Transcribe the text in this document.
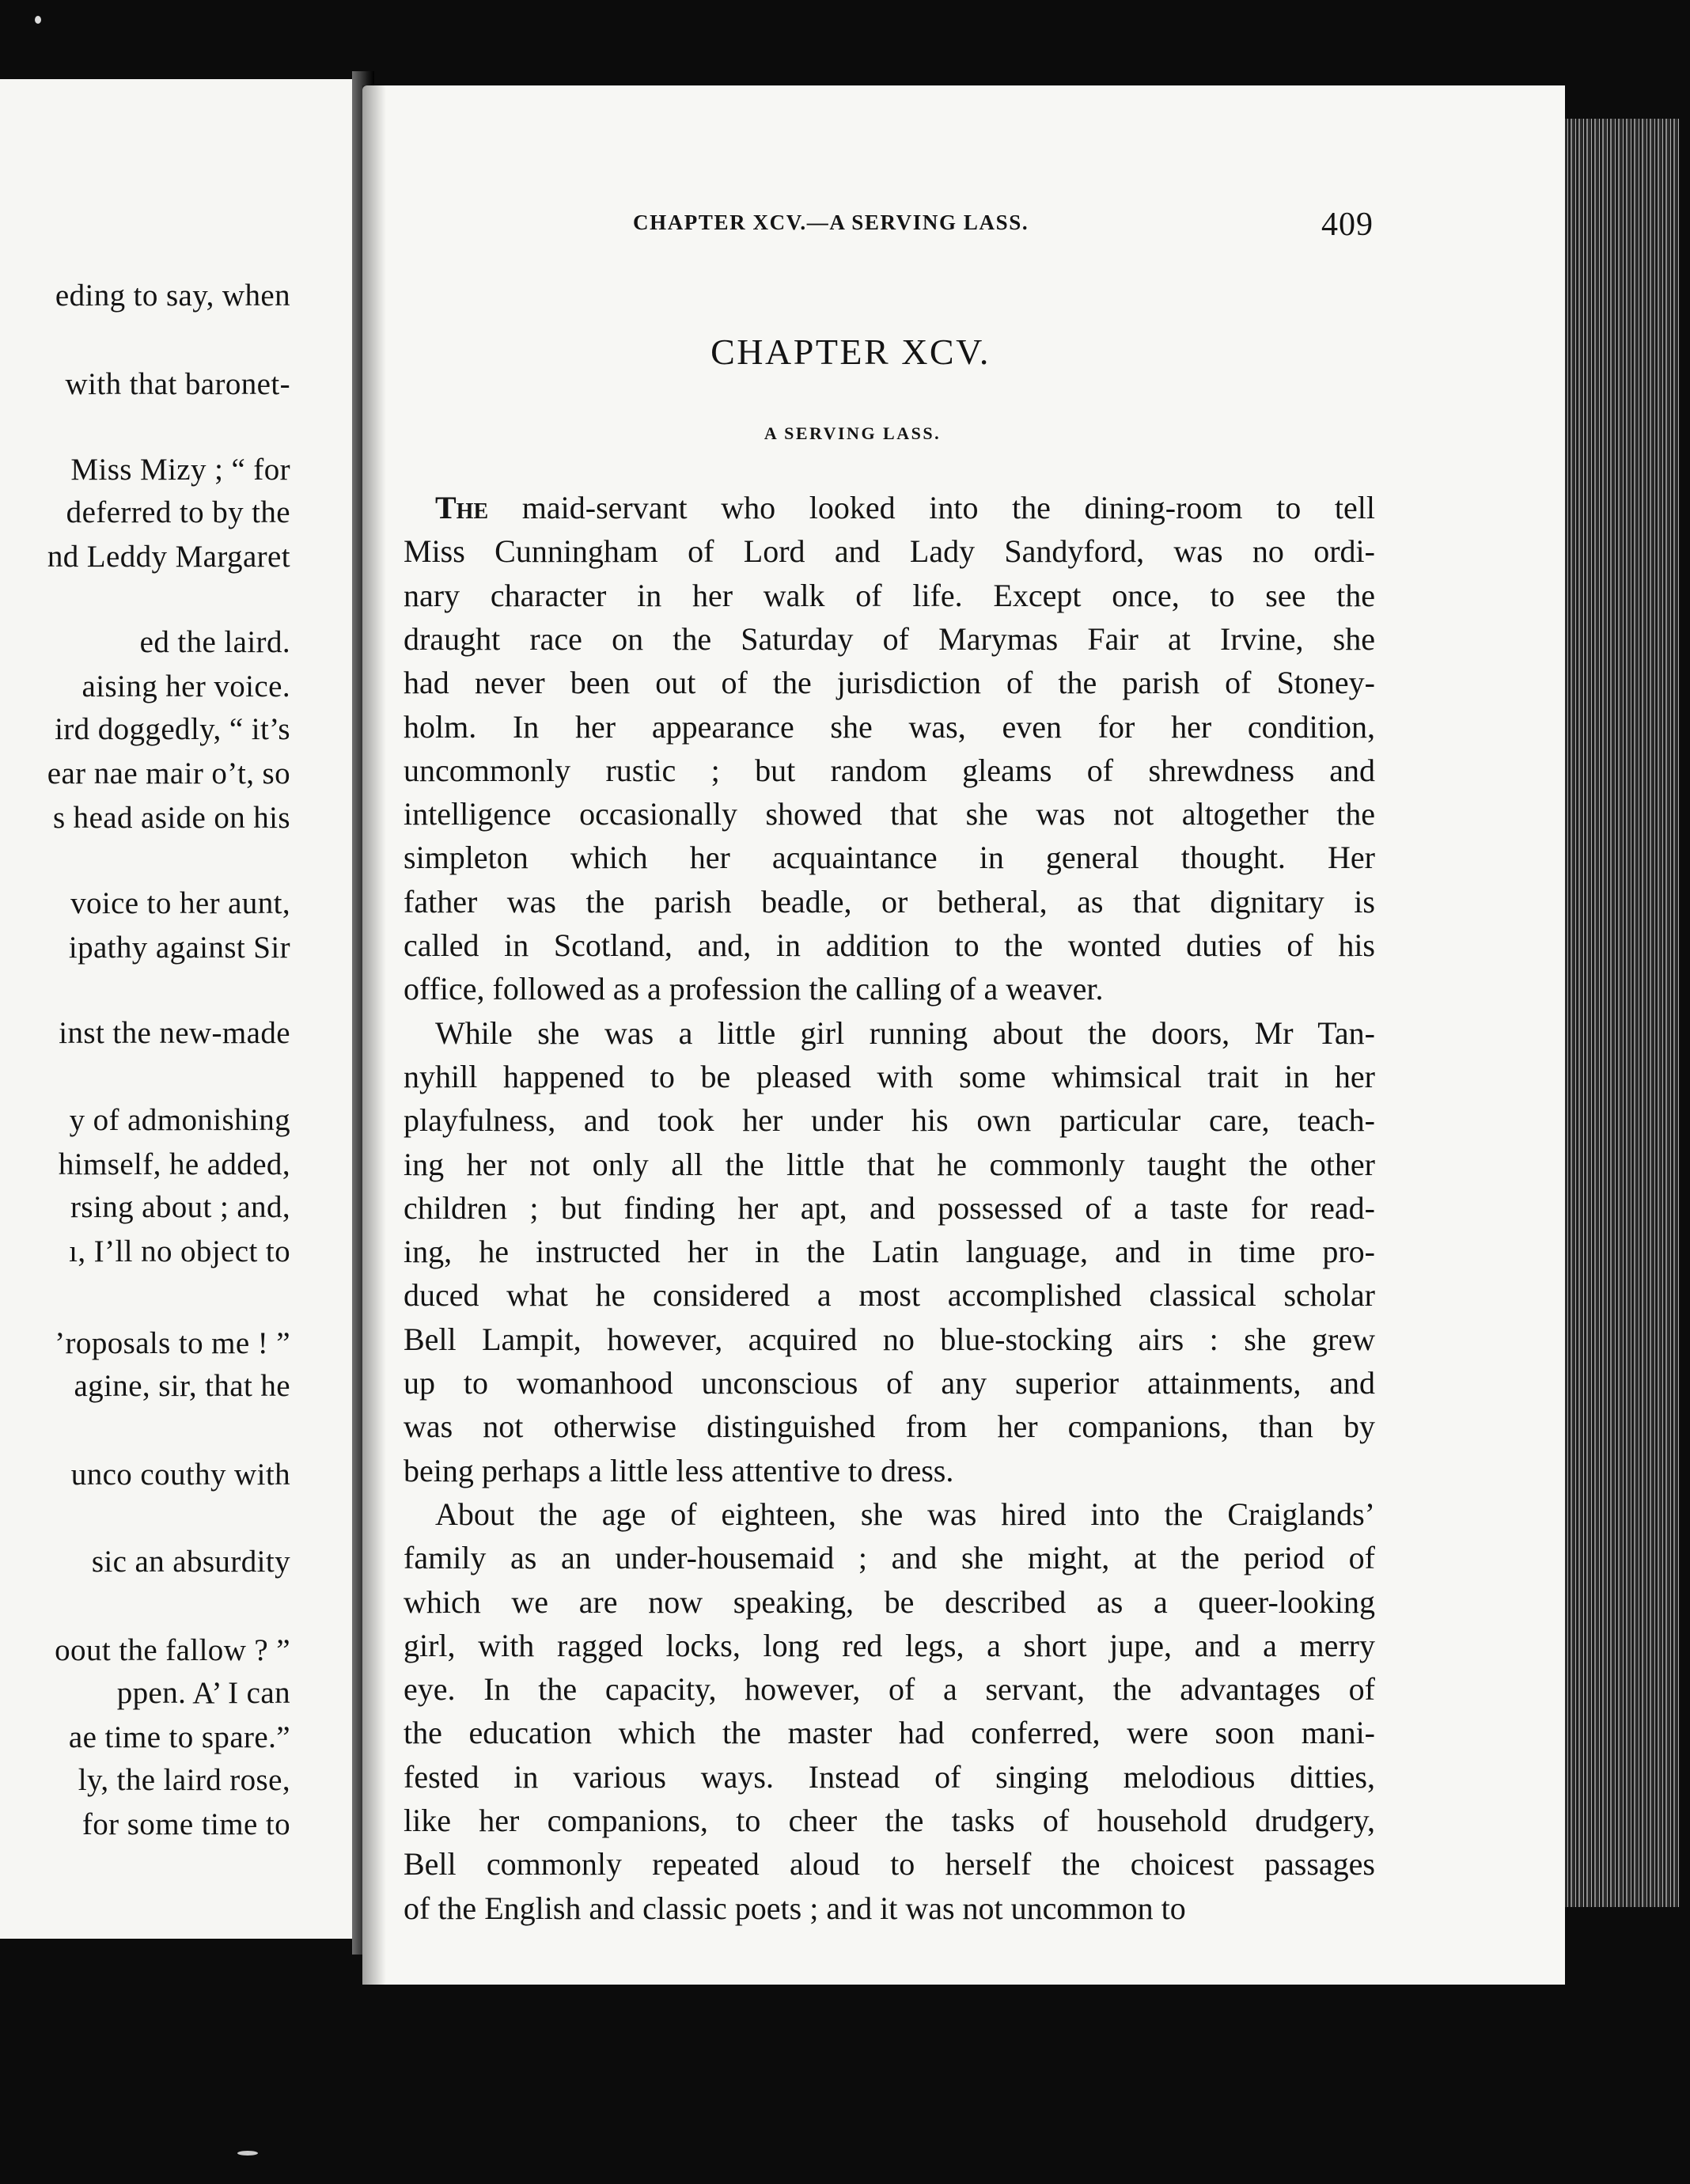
eding to say, when
with that baronet-
Miss Mizy ; “ for
deferred to by the
nd Leddy Margaret
ed the laird.
aising her voice.
ird doggedly, “ it’s
ear nae mair o’t, so
s head aside on his
voice to her aunt,
ipathy against Sir
inst the new-made
y of admonishing
himself, he added,
rsing about ; and,
ı, I’ll no object to
’roposals to me ! ”
agine, sir, that he
unco couthy with
sic an absurdity
oout the fallow ? ”
ppen. A’ I can
ae time to spare.”
ly, the laird rose,
for some time to
CHAPTER XCV.—A SERVING LASS.	409
CHAPTER XCV.
A SERVING LASS.
The maid-servant who looked into the dining-room to tell
Miss Cunningham of Lord and Lady Sandyford, was no ordi-
nary character in her walk of life. Except once, to see the
draught race on the Saturday of Marymas Fair at Irvine, she
had never been out of the jurisdiction of the parish of Stoney-
holm. In her appearance she was, even for her condition,
uncommonly rustic ; but random gleams of shrewdness and
intelligence occasionally showed that she was not altogether the
simpleton which her acquaintance in general thought. Her
father was the parish beadle, or betheral, as that dignitary is
called in Scotland, and, in addition to the wonted duties of his
office, followed as a profession the calling of a weaver.
While she was a little girl running about the doors, Mr Tan-
nyhill happened to be pleased with some whimsical trait in her
playfulness, and took her under his own particular care, teach-
ing her not only all the little that he commonly taught the other
children ; but finding her apt, and possessed of a taste for read-
ing, he instructed her in the Latin language, and in time pro-
duced what he considered a most accomplished classical scholar
Bell Lampit, however, acquired no blue-stocking airs : she grew
up to womanhood unconscious of any superior attainments, and
was not otherwise distinguished from her companions, than by
being perhaps a little less attentive to dress.
About the age of eighteen, she was hired into the Craiglands’
family as an under-housemaid ; and she might, at the period of
which we are now speaking, be described as a queer-looking
girl, with ragged locks, long red legs, a short jupe, and a merry
eye. In the capacity, however, of a servant, the advantages of
the education which the master had conferred, were soon mani-
fested in various ways. Instead of singing melodious ditties,
like her companions, to cheer the tasks of household drudgery,
Bell commonly repeated aloud to herself the choicest passages
of the English and classic poets ; and it was not uncommon to
